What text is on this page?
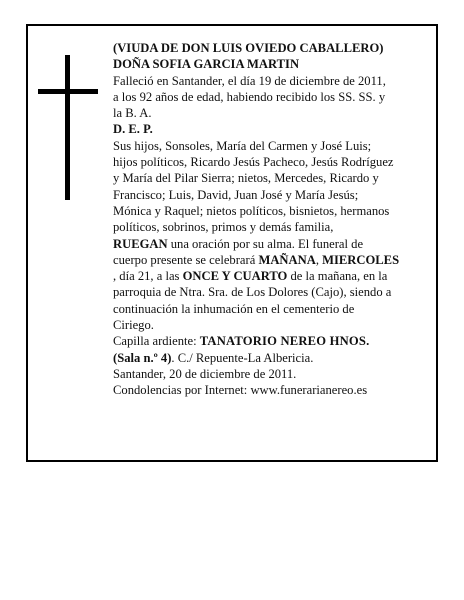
(VIUDA DE DON LUIS OVIEDO CABALLERO)
DOÑA SOFIA GARCIA MARTIN
Falleció en Santander, el día 19 de diciembre de 2011,
a los 92 años de edad, habiendo recibido los SS. SS. y
la B. A.
D. E. P.
Sus hijos, Sonsoles, María del Carmen y José Luis;
hijos políticos, Ricardo Jesús Pacheco, Jesús Rodríguez
y María del Pilar Sierra; nietos, Mercedes, Ricardo y
Francisco; Luis, David, Juan José y María Jesús;
Mónica y Raquel; nietos políticos, bisnietos, hermanos
políticos, sobrinos, primos y demás familia,
RUEGAN una oración por su alma. El funeral de
cuerpo presente se celebrará MAÑANA, MIERCOLES
, día 21, a las ONCE Y CUARTO de la mañana, en la
parroquia de Ntra. Sra. de Los Dolores (Cajo), siendo a
continuación la inhumación en el cementerio de
Ciriego.
Capilla ardiente: TANATORIO NEREO HNOS.
(Sala n.º 4). C./ Repuente-La Albericia.
Santander, 20 de diciembre de 2011.
Condolencias por Internet: www.funerarianereo.es
